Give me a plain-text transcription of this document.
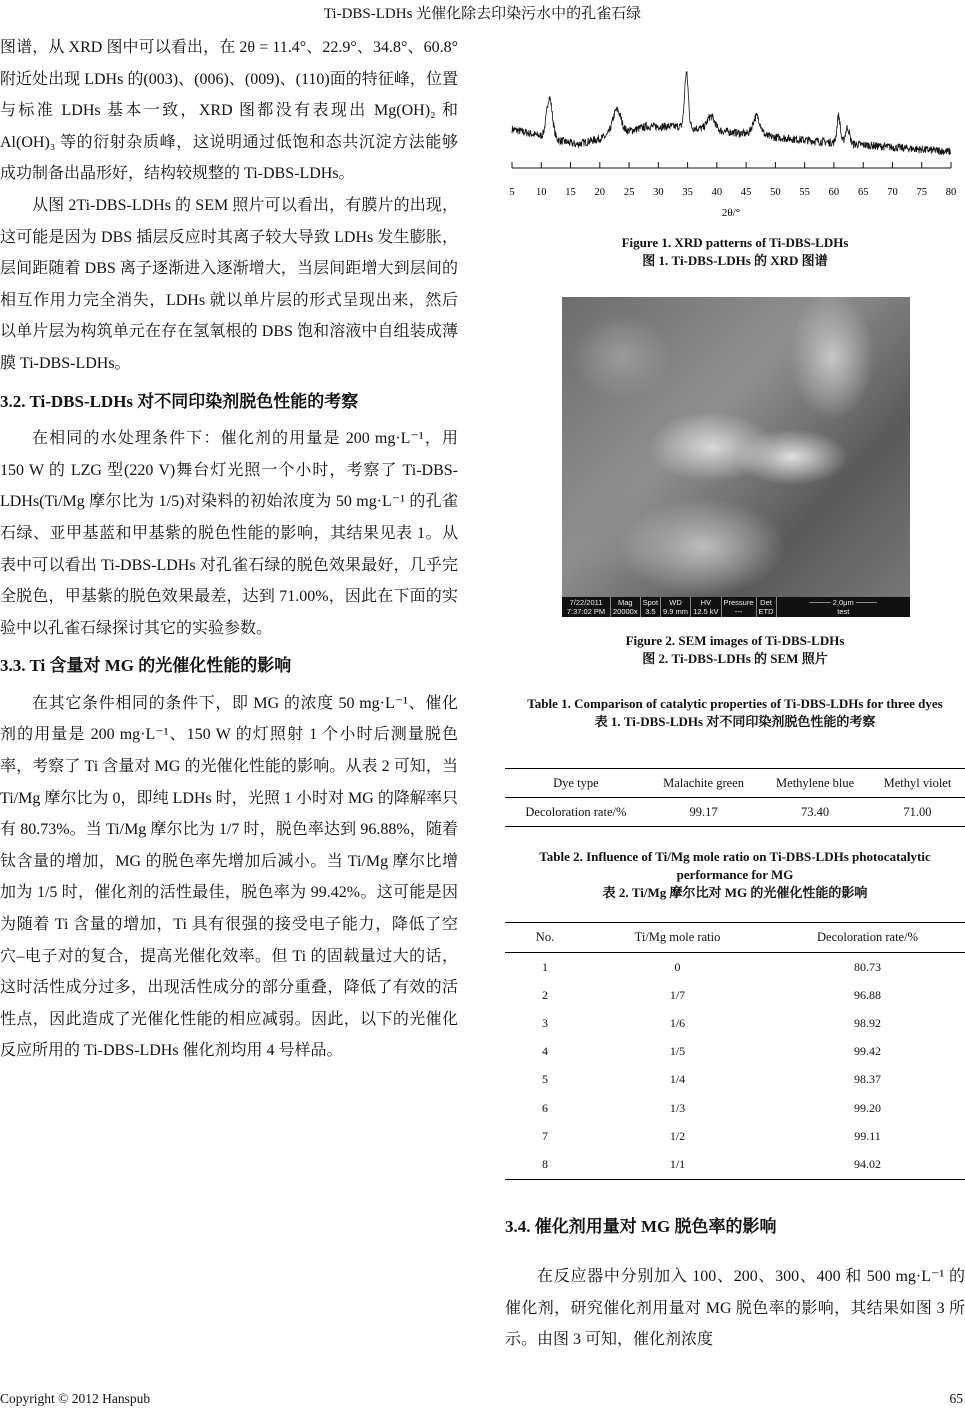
Ti-DBS-LDHs 光催化除去印染污水中的孔雀石绿

图谱，从 XRD 图中可以看出，在 2θ = 11.4°、22.9°、34.8°、60.8°附近处出现 LDHs 的(003)、(006)、(009)、(110)面的特征峰，位置与标准 LDHs 基本一致，XRD 图都没有表现出 Mg(OH)₂ 和 Al(OH)₃ 等的衍射杂质峰，这说明通过低饱和态共沉淀方法能够成功制备出晶形好，结构较规整的 Ti-DBS-LDHs。

从图 2Ti-DBS-LDHs 的 SEM 照片可以看出，有膜片的出现，这可能是因为 DBS 插层反应时其离子较大导致 LDHs 发生膨胀，层间距随着 DBS 离子逐渐进入逐渐增大，当层间距增大到层间的相互作用力完全消失，LDHs 就以单片层的形式呈现出来，然后以单片层为构筑单元在存在氢氧根的 DBS 饱和溶液中自组装成薄膜 Ti-DBS-LDHs。

3.2. Ti-DBS-LDHs 对不同印染剂脱色性能的考察

在相同的水处理条件下：催化剂的用量是 200 mg·L⁻¹，用 150 W 的 LZG 型(220 V)舞台灯光照一个小时，考察了 Ti-DBS-LDHs(Ti/Mg 摩尔比为 1/5)对染料的初始浓度为 50 mg·L⁻¹ 的孔雀石绿、亚甲基蓝和甲基紫的脱色性能的影响，其结果见表 1。从表中可以看出 Ti-DBS-LDHs 对孔雀石绿的脱色效果最好，几乎完全脱色，甲基紫的脱色效果最差，达到 71.00%，因此在下面的实验中以孔雀石绿探讨其它的实验参数。

3.3. Ti 含量对 MG 的光催化性能的影响

在其它条件相同的条件下，即 MG 的浓度 50 mg·L⁻¹、催化剂的用量是 200 mg·L⁻¹、150 W 的灯照射 1 个小时后测量脱色率，考察了 Ti 含量对 MG 的光催化性能的影响。从表 2 可知，当 Ti/Mg 摩尔比为 0，即纯 LDHs 时，光照 1 小时对 MG 的降解率只有 80.73%。当 Ti/Mg 摩尔比为 1/7 时，脱色率达到 96.88%，随着钛含量的增加，MG 的脱色率先增加后减小。当 Ti/Mg 摩尔比增加为 1/5 时，催化剂的活性最佳，脱色率为 99.42%。这可能是因为随着 Ti 含量的增加，Ti 具有很强的接受电子能力，降低了空穴–电子对的复合，提高光催化效率。但 Ti 的固载量过大的话，这时活性成分过多，出现活性成分的部分重叠，降低了有效的活性点，因此造成了光催化性能的相应减弱。因此，以下的光催化反应所用的 Ti-DBS-LDHs 催化剂均用 4 号样品。

5 10 15 20 25 30 35 40 45 50 55 60 65 70 75 80
2θ/°
Figure 1. XRD patterns of Ti-DBS-LDHs
图 1. Ti-DBS-LDHs 的 XRD 图谱
7/22/2011
7:37:02 PM
Mag
20000x
Spot
3.5
WD
9.9 mm
HV
12.5 kV
Pressure
---
Det
ETD
──── 2.0μm ────
test
Figure 2. SEM images of Ti-DBS-LDHs
图 2. Ti-DBS-LDHs 的 SEM 照片
Table 1. Comparison of catalytic properties of Ti-DBS-LDHs for three dyes
表 1. Ti-DBS-LDHs 对不同印染剂脱色性能的考察
Dye type	Malachite green	Methylene blue	Methyl violet
Decoloration rate/%	99.17	73.40	71.00
Table 2. Influence of Ti/Mg mole ratio on Ti-DBS-LDHs photocatalytic performance for MG
表 2. Ti/Mg 摩尔比对 MG 的光催化性能的影响
No.	Ti/Mg mole ratio	Decoloration rate/%
1	0	80.73
2	1/7	96.88
3	1/6	98.92
4	1/5	99.42
5	1/4	98.37
6	1/3	99.20
7	1/2	99.11
8	1/1	94.02
3.4. 催化剂用量对 MG 脱色率的影响

在反应器中分别加入 100、200、300、400 和 500 mg·L⁻¹ 的催化剂，研究催化剂用量对 MG 脱色率的影响，其结果如图 3 所示。由图 3 可知，催化剂浓度

Copyright © 2012 Hanspub	65
